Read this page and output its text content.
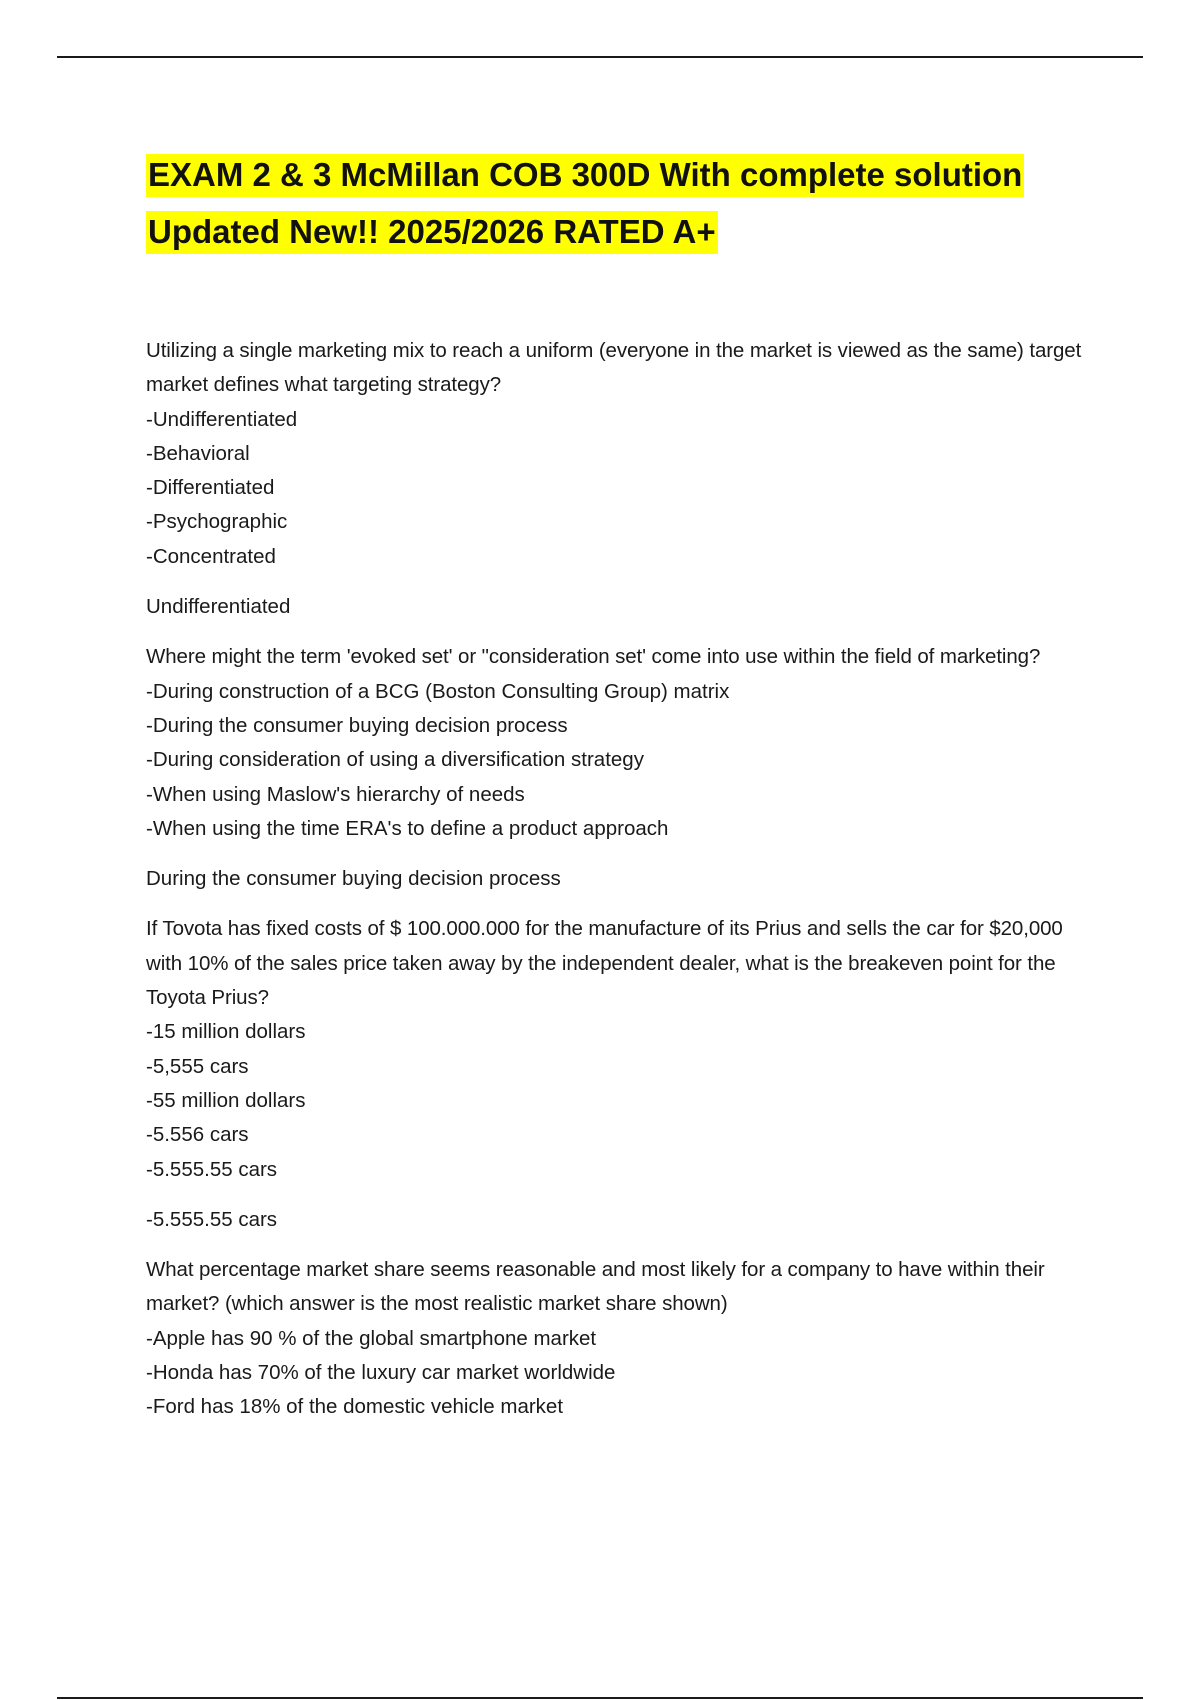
EXAM 2 & 3 McMillan COB 300D With complete solution Updated New!! 2025/2026 RATED A+

Utilizing a single marketing mix to reach a uniform (everyone in the market is viewed as the same) target market defines what targeting strategy?

-Undifferentiated
-Behavioral
-Differentiated
-Psychographic
-Concentrated

Undifferentiated

Where might the term 'evoked set' or "consideration set' come into use within the field of marketing?

-During construction of a BCG (Boston Consulting Group) matrix
-During the consumer buying decision process
-During consideration of using a diversification strategy
-When using Maslow's hierarchy of needs
-When using the time ERA's to define a product approach

During the consumer buying decision process

If Tovota has fixed costs of $ 100.000.000 for the manufacture of its Prius and sells the car for $20,000 with 10% of the sales price taken away by the independent dealer, what is the breakeven point for the Toyota Prius?

-15 million dollars
-5,555 cars
-55 million dollars
-5.556 cars
-5.555.55 cars

-5.555.55 cars

What percentage market share seems reasonable and most likely for a company to have within their market? (which answer is the most realistic market share shown)

-Apple has 90 % of the global smartphone market
-Honda has 70% of the luxury car market worldwide
-Ford has 18% of the domestic vehicle market
